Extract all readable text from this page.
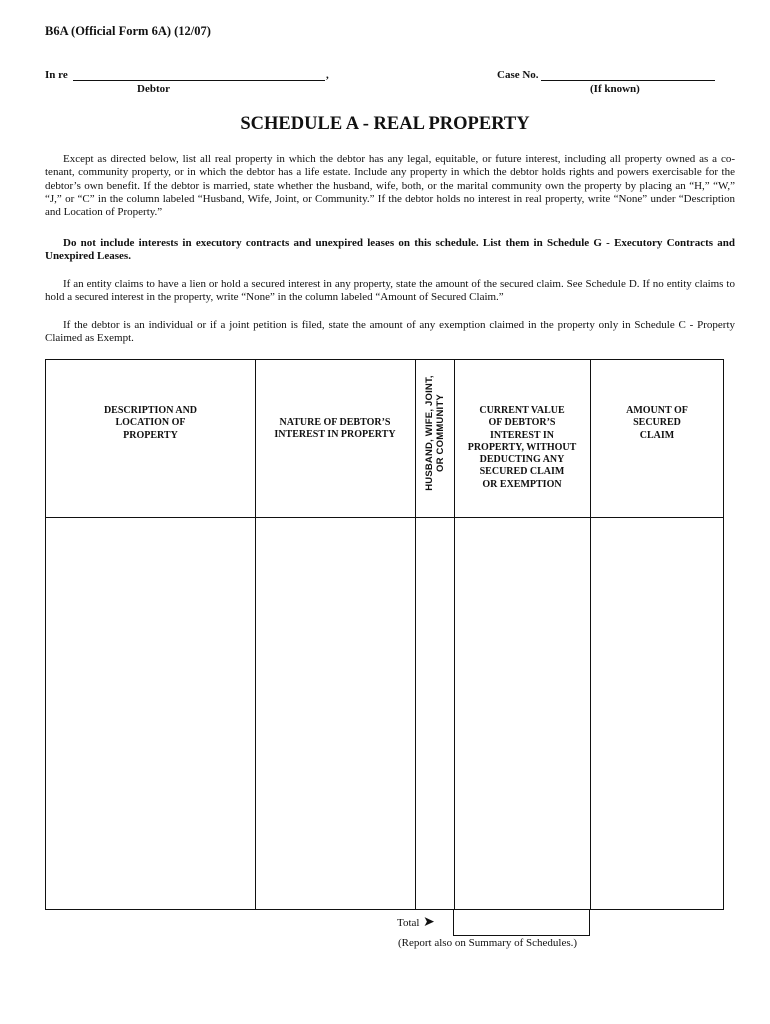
B6A (Official Form 6A) (12/07)
In re	,
Debtor
Case No.
(If known)
SCHEDULE A - REAL PROPERTY
Except as directed below, list all real property in which the debtor has any legal, equitable, or future interest, including all property owned as a co-tenant, community property, or in which the debtor has a life estate. Include any property in which the debtor holds rights and powers exercisable for the debtor’s own benefit. If the debtor is married, state whether the husband, wife, both, or the marital community own the property by placing an “H,” “W,” “J,” or “C” in the column labeled “Husband, Wife, Joint, or Community.” If the debtor holds no interest in real property, write “None” under “Description and Location of Property.”
Do not include interests in executory contracts and unexpired leases on this schedule. List them in Schedule G - Executory Contracts and Unexpired Leases.
If an entity claims to have a lien or hold a secured interest in any property, state the amount of the secured claim. See Schedule D. If no entity claims to hold a secured interest in the property, write “None” in the column labeled “Amount of Secured Claim.”
If the debtor is an individual or if a joint petition is filed, state the amount of any exemption claimed in the property only in Schedule C - Property Claimed as Exempt.
DESCRIPTION AND
LOCATION OF
PROPERTY
NATURE OF DEBTOR’S
INTEREST IN PROPERTY
HUSBAND, WIFE, JOINT,
OR COMMUNITY	CURRENT VALUE
OF DEBTOR’S
INTEREST IN
PROPERTY, WITHOUT
DEDUCTING ANY
SECURED CLAIM
OR EXEMPTION
AMOUNT OF
SECURED
CLAIM
Total ➤
(Report also on Summary of Schedules.)
